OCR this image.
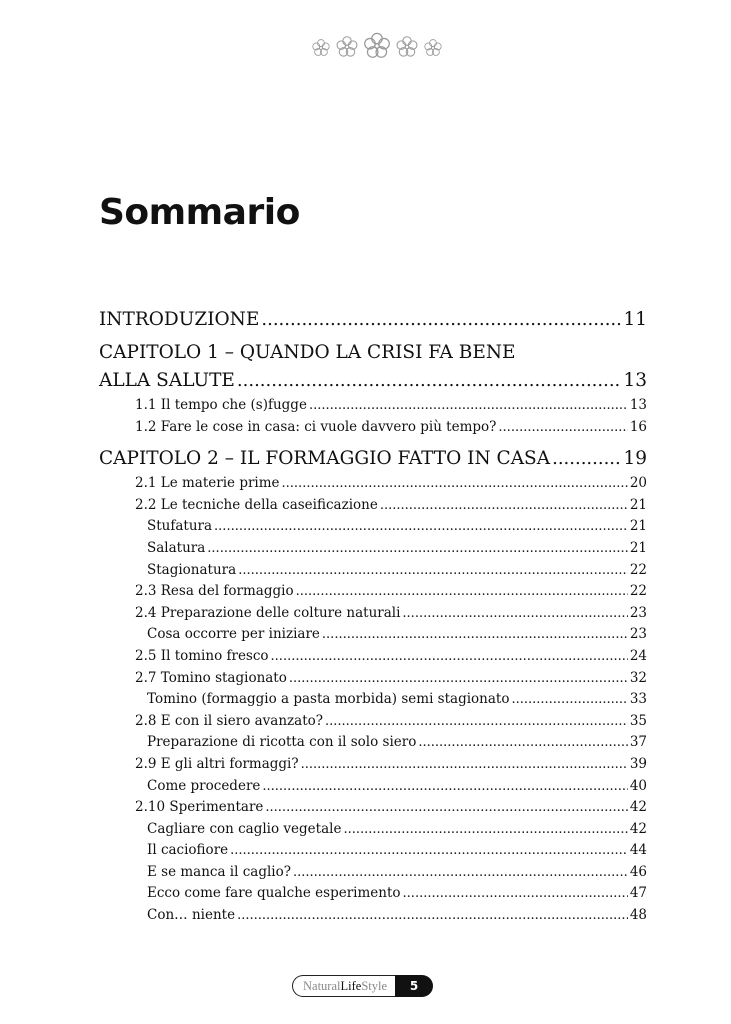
Sommario
INTRODUZIONE .....	11
CAPITOLO 1 – QUANDO LA CRISI FA BENE
ALLA SALUTE .....	13
1.1 Il tempo che (s)fugge .....	13
1.2 Fare le cose in casa: ci vuole davvero più tempo? .....	16
CAPITOLO 2 – IL FORMAGGIO FATTO IN CASA .....	19
2.1 Le materie prime .....	20
2.2 Le tecniche della caseificazione .....	21
Stufatura .....	21
Salatura .....	21
Stagionatura .....	22
2.3 Resa del formaggio .....	22
2.4 Preparazione delle colture naturali .....	23
Cosa occorre per iniziare .....	23
2.5 Il tomino fresco .....	24
2.7 Tomino stagionato .....	32
Tomino (formaggio a pasta morbida) semi stagionato .....	33
2.8 E con il siero avanzato? .....	35
Preparazione di ricotta con il solo siero .....	37
2.9 E gli altri formaggi? .....	39
Come procedere .....	40
2.10 Sperimentare .....	42
Cagliare con caglio vegetale .....	42
Il caciofiore .....	44
E se manca il caglio? .....	46
Ecco come fare qualche esperimento .....	47
Con… niente .....	48
Natural Life Style	5
